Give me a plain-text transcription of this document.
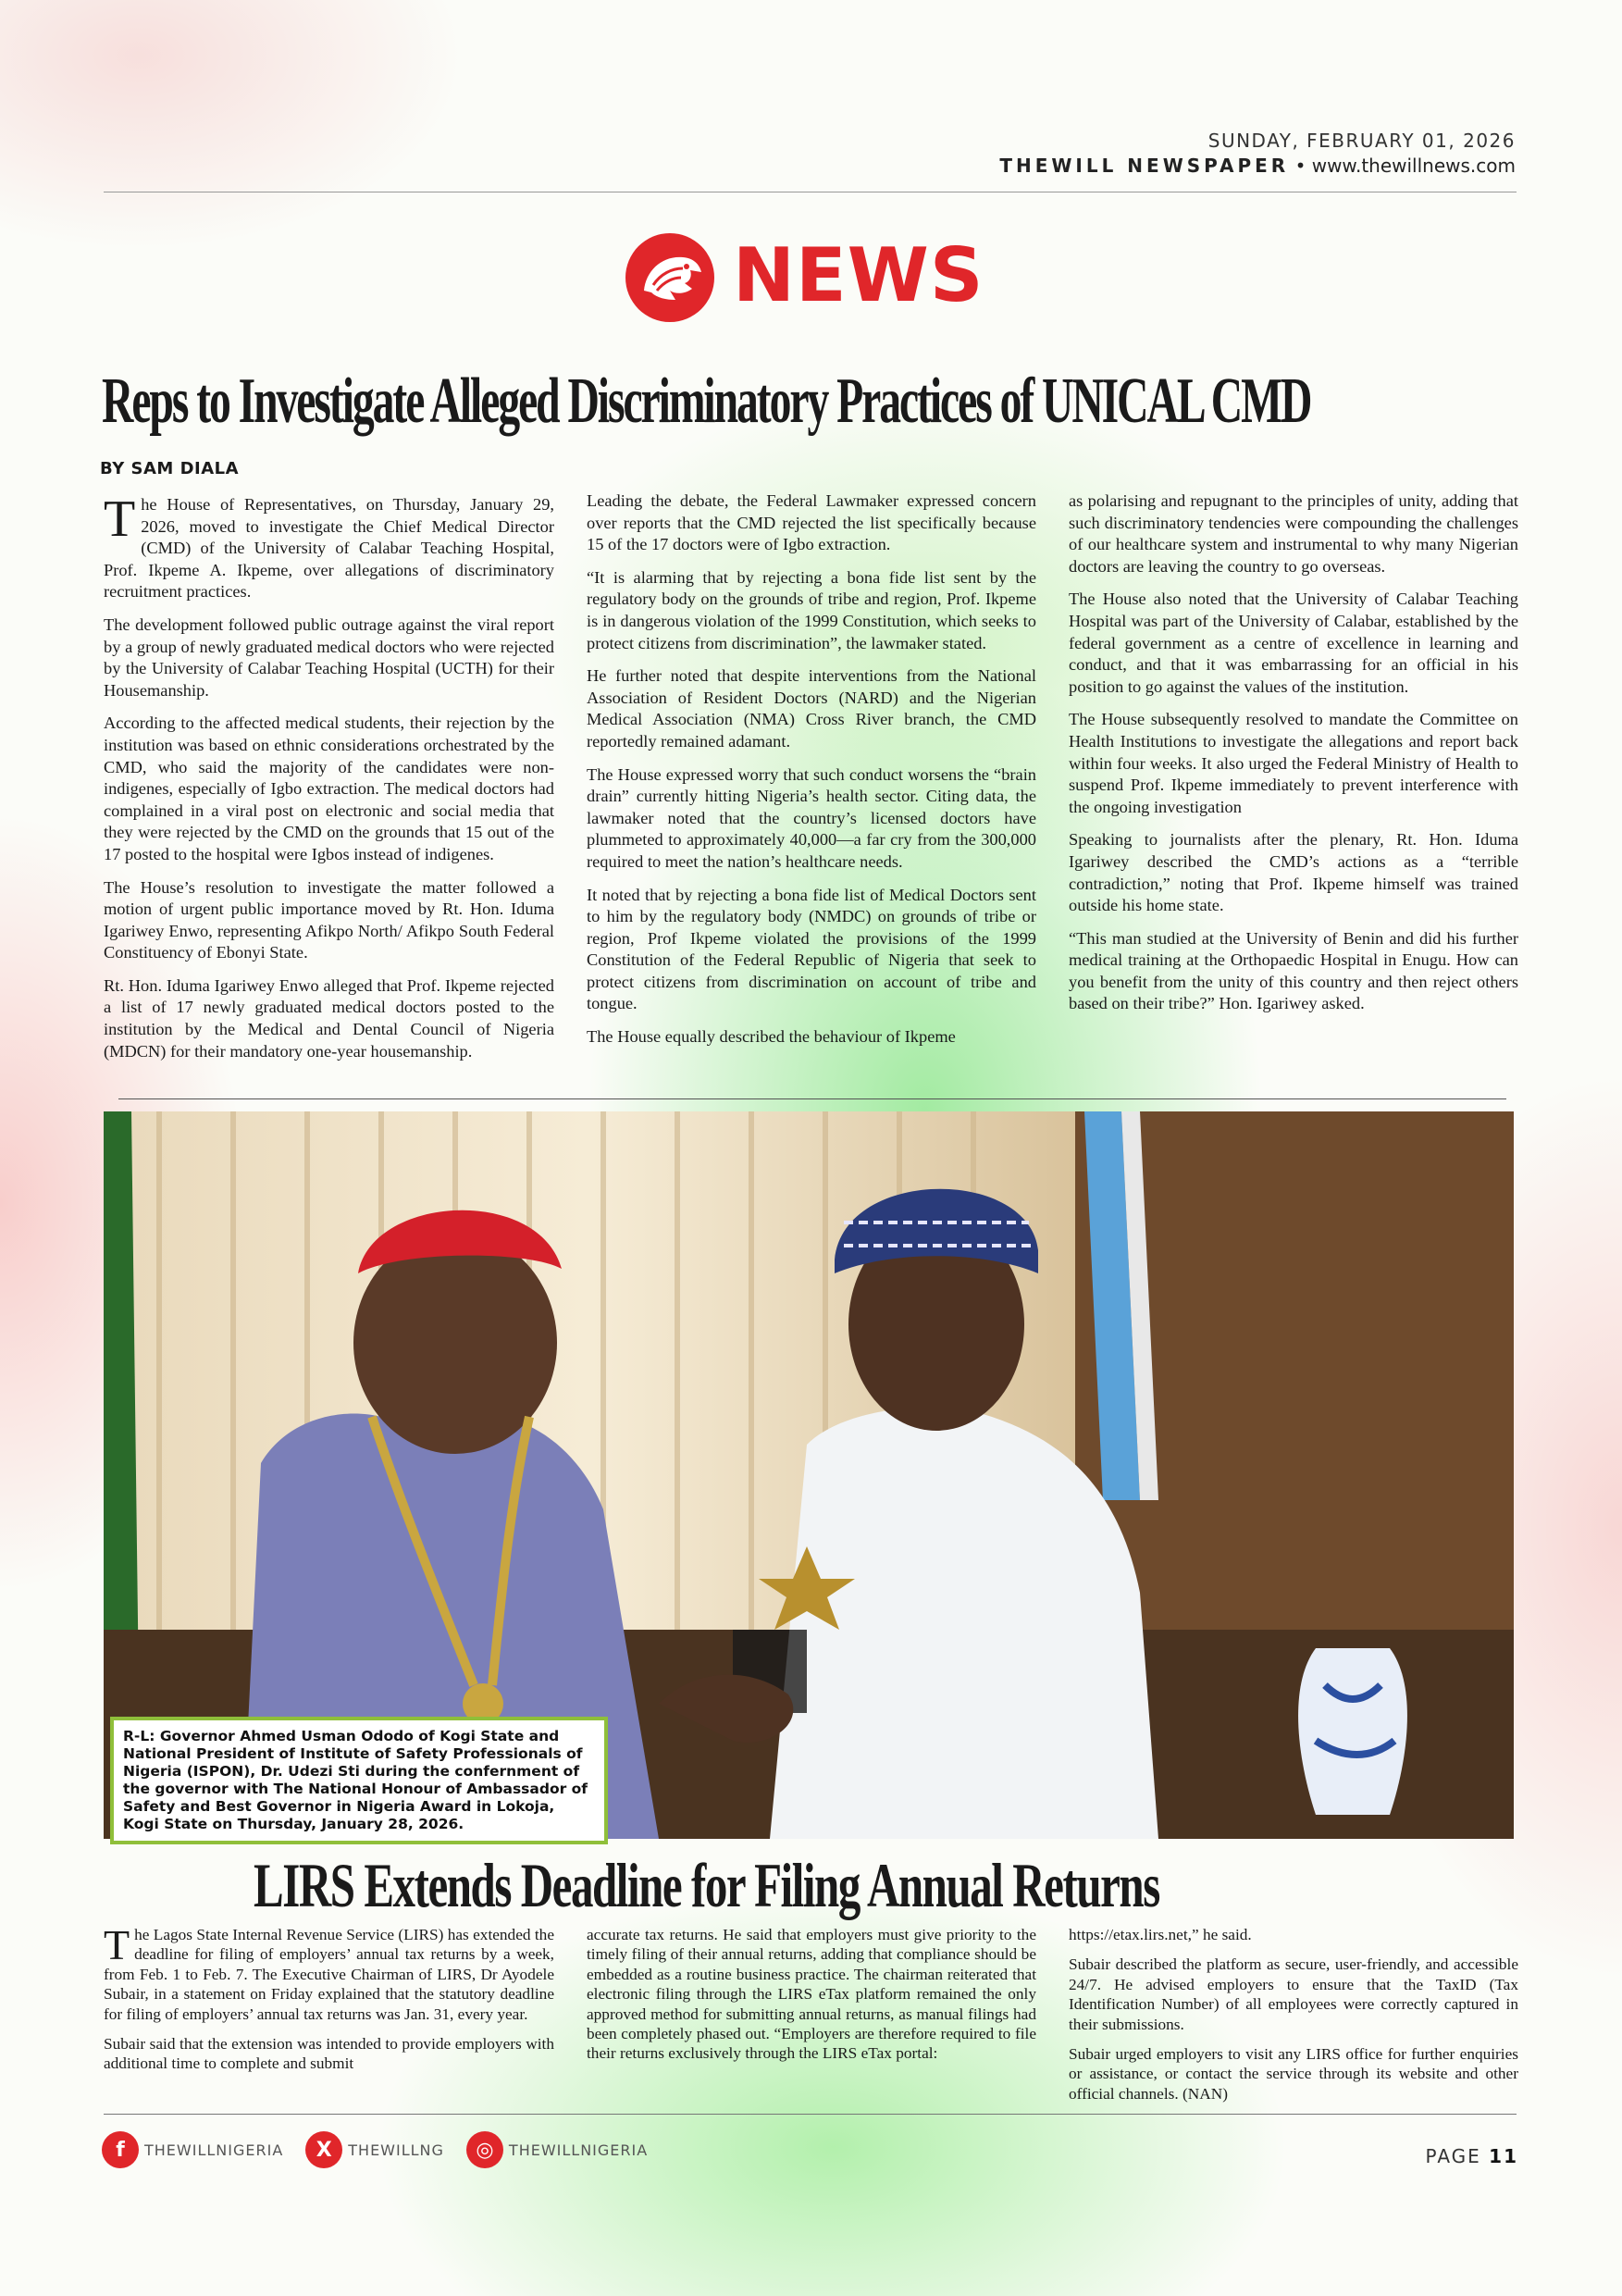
SUNDAY, FEBRUARY 01, 2026
THEWILL NEWSPAPER • www.thewillnews.com
NEWS
Reps to Investigate Alleged Discriminatory Practices of UNICAL CMD
BY SAM DIALA

The House of Representatives, on Thursday, January 29, 2026, moved to investigate the Chief Medical Director (CMD) of the University of Calabar Teaching Hospital, Prof. Ikpeme A. Ikpeme, over allegations of discriminatory recruitment practices.

The development followed public outrage against the viral report by a group of newly graduated medical doctors who were rejected by the University of Calabar Teaching Hospital (UCTH) for their Housemanship.

According to the affected medical students, their rejection by the institution was based on ethnic considerations orchestrated by the CMD, who said the majority of the candidates were non-indigenes, especially of Igbo extraction. The medical doctors had complained in a viral post on electronic and social media that they were rejected by the CMD on the grounds that 15 out of the 17 posted to the hospital were Igbos instead of indigenes.

The House’s resolution to investigate the matter followed a motion of urgent public importance moved by Rt. Hon. Iduma Igariwey Enwo, representing Afikpo North/ Afikpo South Federal Constituency of Ebonyi State.

Rt. Hon. Iduma Igariwey Enwo alleged that Prof. Ikpeme rejected a list of 17 newly graduated medical doctors posted to the institution by the Medical and Dental Council of Nigeria (MDCN) for their mandatory one-year housemanship.

Leading the debate, the Federal Lawmaker expressed concern over reports that the CMD rejected the list specifically because 15 of the 17 doctors were of Igbo extraction.

“It is alarming that by rejecting a bona fide list sent by the regulatory body on the grounds of tribe and region, Prof. Ikpeme is in dangerous violation of the 1999 Constitution, which seeks to protect citizens from discrimination”, the lawmaker stated.

He further noted that despite interventions from the National Association of Resident Doctors (NARD) and the Nigerian Medical Association (NMA) Cross River branch, the CMD reportedly remained adamant.

The House expressed worry that such conduct worsens the “brain drain” currently hitting Nigeria’s health sector. Citing data, the lawmaker noted that the country’s licensed doctors have plummeted to approximately 40,000—a far cry from the 300,000 required to meet the nation’s healthcare needs.

It noted that by rejecting a bona fide list of Medical Doctors sent to him by the regulatory body (NMDC) on grounds of tribe or region, Prof Ikpeme violated the provisions of the 1999 Constitution of the Federal Republic of Nigeria that seek to protect citizens from discrimination on account of tribe and tongue.

The House equally described the behaviour of Ikpeme

as polarising and repugnant to the principles of unity, adding that such discriminatory tendencies were compounding the challenges of our healthcare system and instrumental to why many Nigerian doctors are leaving the country to go overseas.

The House also noted that the University of Calabar Teaching Hospital was part of the University of Calabar, established by the federal government as a centre of excellence in learning and conduct, and that it was embarrassing for an official in his position to go against the values of the institution.

The House subsequently resolved to mandate the Committee on Health Institutions to investigate the allegations and report back within four weeks. It also urged the Federal Ministry of Health to suspend Prof. Ikpeme immediately to prevent interference with the ongoing investigation

Speaking to journalists after the plenary, Rt. Hon. Iduma Igariwey described the CMD’s actions as a “terrible contradiction,” noting that Prof. Ikpeme himself was trained outside his home state.

“This man studied at the University of Benin and did his further medical training at the Orthopaedic Hospital in Enugu. How can you benefit from the unity of this country and then reject others based on their tribe?” Hon. Igariwey asked.

R-L: Governor Ahmed Usman Ododo of Kogi State and National President of Institute of Safety Professionals of Nigeria (ISPON), Dr. Udezi Sti during the confernment of the governor with The National Honour of Ambassador of Safety and Best Governor in Nigeria Award in Lokoja, Kogi State on Thursday, January 28, 2026.
LIRS Extends Deadline for Filing Annual Returns

The Lagos State Internal Revenue Service (LIRS) has extended the deadline for filing of employers’ annual tax returns by a week, from Feb. 1 to Feb. 7. The Executive Chairman of LIRS, Dr Ayodele Subair, in a statement on Friday explained that the statutory deadline for filing of employers’ annual tax returns was Jan. 31, every year.

Subair said that the extension was intended to provide employers with additional time to complete and submit

accurate tax returns. He said that employers must give priority to the timely filing of their annual returns, adding that compliance should be embedded as a routine business practice. The chairman reiterated that electronic filing through the LIRS eTax platform remained the only approved method for submitting annual returns, as manual filings had been completely phased out. “Employers are therefore required to file their returns exclusively through the LIRS eTax portal:

https://etax.lirs.net,” he said.

Subair described the platform as secure, user-friendly, and accessible 24/7. He advised employers to ensure that the TaxID (Tax Identification Number) of all employees were correctly captured in their submissions.

Subair urged employers to visit any LIRS office for further enquiries or assistance, or contact the service through its website and other official channels. (NAN)

f	THEWILLNIGERIA	X	THEWILLNG	◎	THEWILLNIGERIA	PAGE 11
